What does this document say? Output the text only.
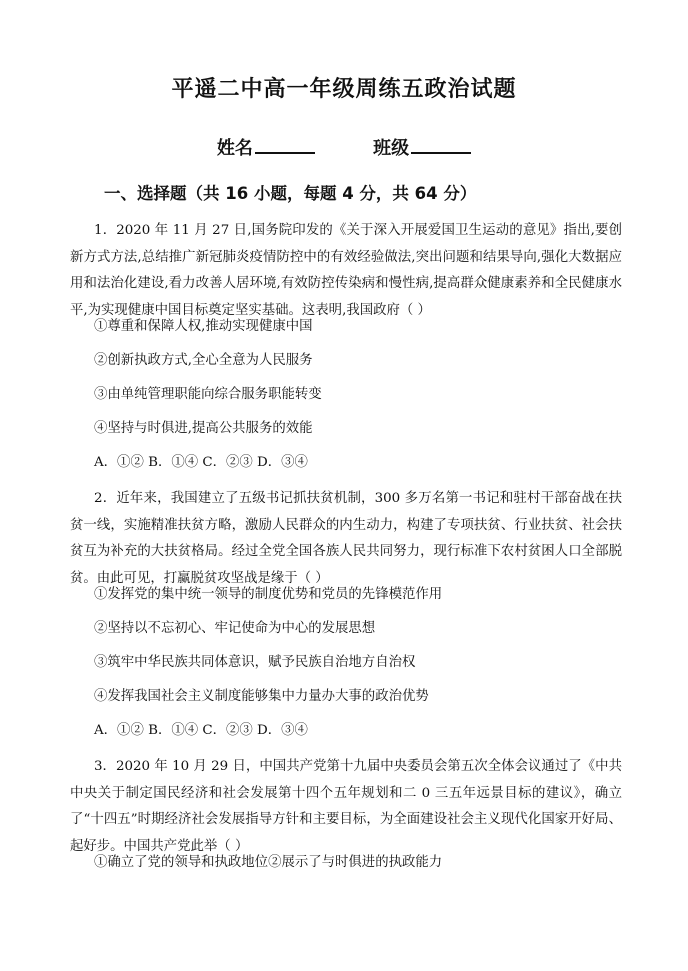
平遥二中高一年级周练五政治试题
姓名	班级
一、选择题（共 16 小题，每题 4 分，共 64 分）
1．2020 年 11 月 27 日,国务院印发的《关于深入开展爱国卫生运动的意见》指出,要创新方式方法,总结推广新冠肺炎疫情防控中的有效经验做法,突出问题和结果导向,强化大数据应用和法治化建设,看力改善人居环境,有效防控传染病和慢性病,提高群众健康素养和全民健康水平,为实现健康中国目标奠定坚实基础。这表明,我国政府（ ）
①尊重和保障人权,推动实现健康中国
②创新执政方式,全心全意为人民服务
③由单纯管理职能向综合服务职能转变
④坚持与时俱进,提高公共服务的效能
A．①② B．①④ C．②③ D．③④
2．近年来，我国建立了五级书记抓扶贫机制，300 多万名第一书记和驻村干部奋战在扶贫一线，实施精准扶贫方略，激励人民群众的内生动力，构建了专项扶贫、行业扶贫、社会扶贫互为补充的大扶贫格局。经过全党全国各族人民共同努力，现行标准下农村贫困人口全部脱贫。由此可见，打赢脱贫攻坚战是缘于（ ）
①发挥党的集中统一领导的制度优势和党员的先锋模范作用
②坚持以不忘初心、牢记使命为中心的发展思想
③筑牢中华民族共同体意识，赋予民族自治地方自治权
④发挥我国社会主义制度能够集中力量办大事的政治优势
A．①② B．①④ C．②③ D．③④
3．2020 年 10 月 29 日，中国共产党第十九届中央委员会第五次全体会议通过了《中共中央关于制定国民经济和社会发展第十四个五年规划和二 0 三五年远景目标的建议》，确立了“十四五”时期经济社会发展指导方针和主要目标，为全面建设社会主义现代化国家开好局、起好步。中国共产党此举（ ）
①确立了党的领导和执政地位②展示了与时俱进的执政能力
